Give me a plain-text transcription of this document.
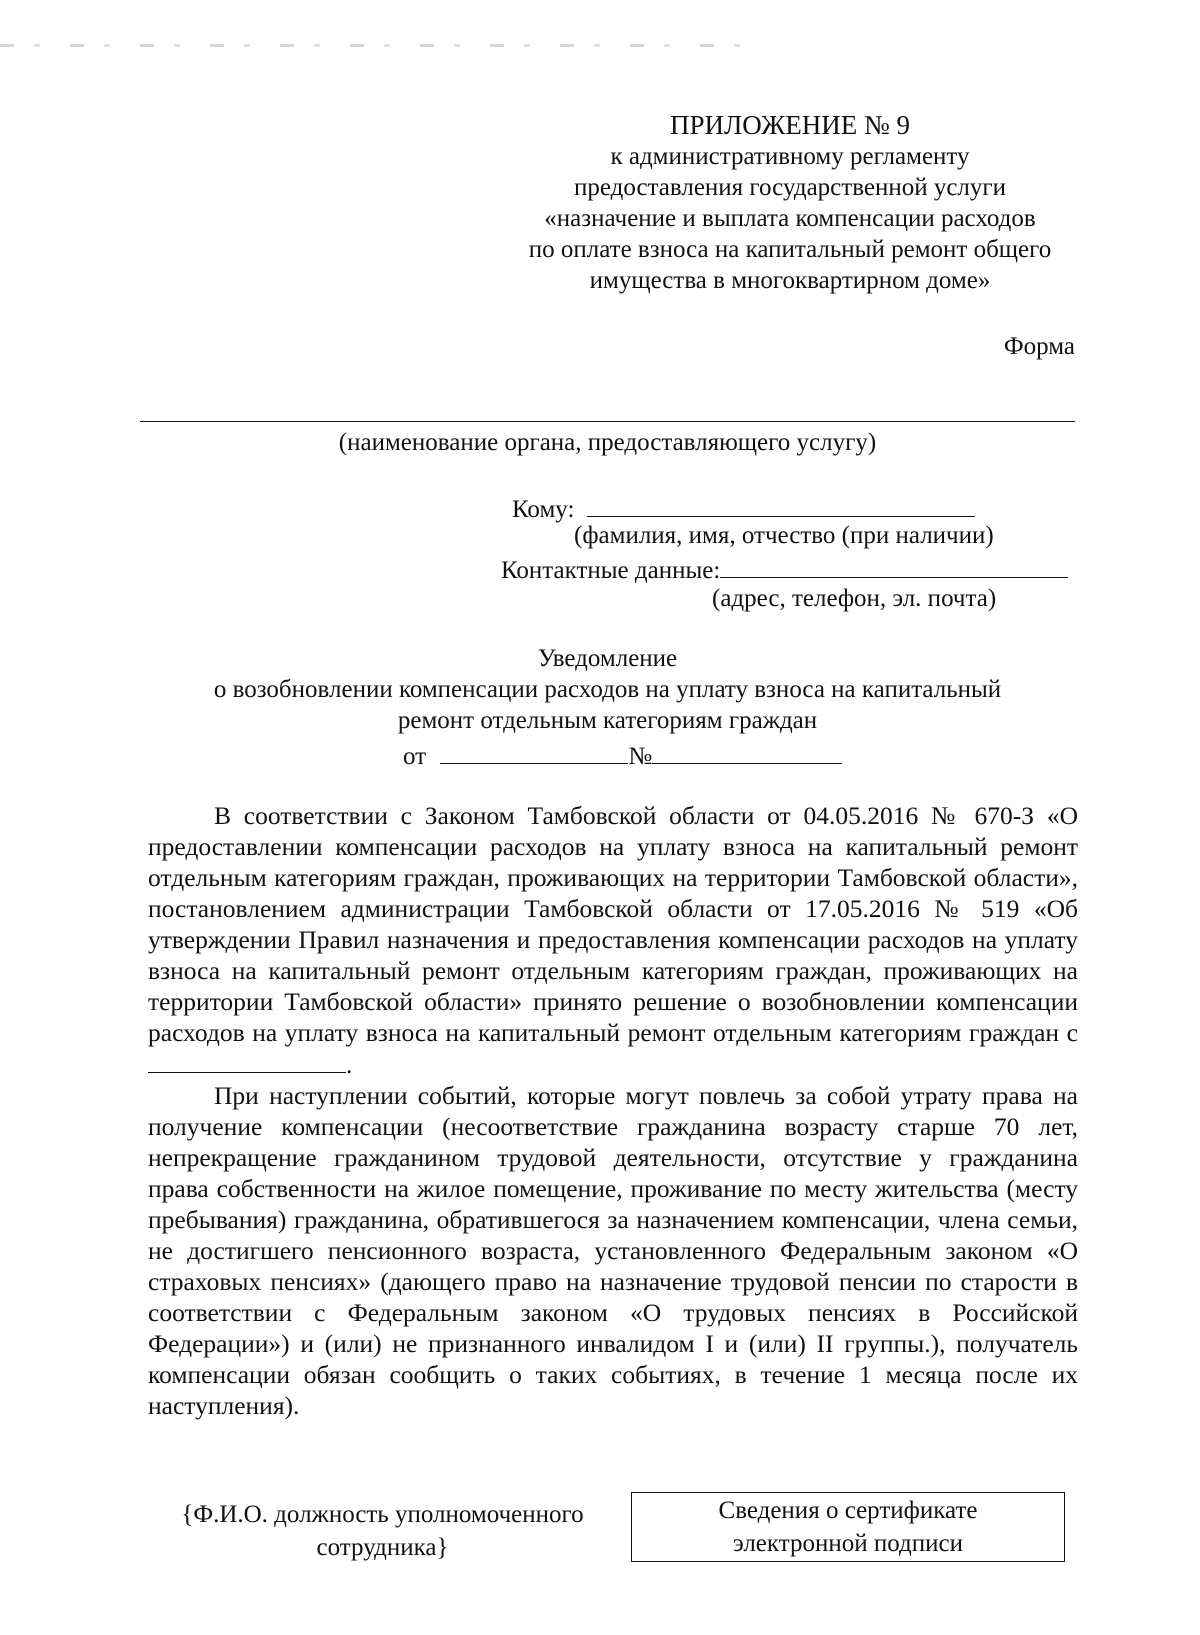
ПРИЛОЖЕНИЕ № 9
к административному регламенту
предоставления государственной услуги
«назначение и выплата компенсации расходов
по оплате взноса на капитальный ремонт общего
имущества в многоквартирном доме»
Форма
(наименование органа, предоставляющего услугу)
Кому:
(фамилия, имя, отчество (при наличии)
Контактные данные:
(адрес, телефон, эл. почта)
Уведомление
о возобновлении компенсации расходов на уплату взноса на капитальный
ремонт отдельным категориям граждан
от	№

В соответствии с Законом Тамбовской области от 04.05.2016 № 670-З «О предоставлении компенсации расходов на уплату взноса на капитальный ремонт отдельным категориям граждан, проживающих на территории Тамбовской области», постановлением администрации Тамбовской области от 17.05.2016 № 519 «Об утверждении Правил назначения и предоставления компенсации расходов на уплату взноса на капитальный ремонт отдельным категориям граждан, проживающих на территории Тамбовской области» принято решение о возобновлении компенсации расходов на уплату взноса на капитальный ремонт отдельным категориям граждан с .

При наступлении событий, которые могут повлечь за собой утрату права на получение компенсации (несоответствие гражданина возрасту старше 70 лет, непрекращение гражданином трудовой деятельности, отсутствие у гражданина права собственности на жилое помещение, проживание по месту жительства (месту пребывания) гражданина, обратившегося за назначением компенсации, члена семьи, не достигшего пенсионного возраста, установленного Федеральным законом «О страховых пенсиях» (дающего право на назначение трудовой пенсии по старости в соответствии с Федеральным законом «О трудовых пенсиях в Российской Федерации») и (или) не признанного инвалидом I и (или) II группы.), получатель компенсации обязан сообщить о таких событиях, в течение 1 месяца после их наступления).

{Ф.И.О. должность уполномоченного
сотрудника}
Сведения о сертификате
электронной подписи
